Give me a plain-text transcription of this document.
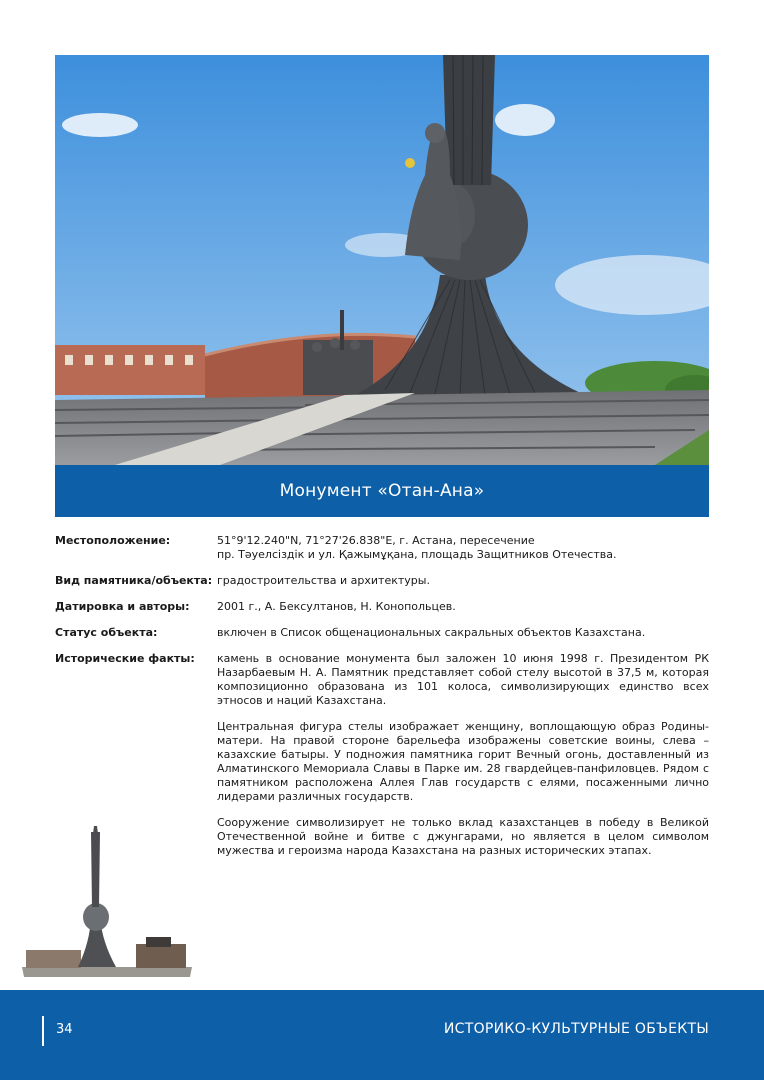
Монумент «Отан-Ана»
Местоположение:	51°9'12.240"N, 71°27'26.838"E, г. Астана, пересечение
пр. Тәуелсіздік и ул. Қажымұқана, площадь Защитников Отечества.
Вид памятника/объекта: градостроительства и архитектуры.
Датировка и авторы:	2001 г., А. Бексултанов, Н. Конопольцев.
Статус объекта:	включен в Список общенациональных сакральных объектов Казахстана.
Исторические факты:	камень в основание монумента был заложен 10 июня 1998 г. Президентом РК Назарбаевым Н. А. Памятник представляет собой стелу высотой в 37,5 м, которая композиционно образована из 101 колоса, символизирующих единство всех этносов и наций Казахстана.

Центральная фигура стелы изображает женщину, воплощающую образ Родины-матери. На правой стороне барельефа изображены советские воины, слева – казахские батыры. У подножия памятника горит Вечный огонь, доставленный из Алматинского Мемориала Славы в Парке им. 28 гвардейцев-панфиловцев. Рядом с памятником расположена Аллея Глав государств с елями, посаженными лично лидерами различных государств.

Сооружение символизирует не только вклад казахстанцев в победу в Великой Отечественной войне и битве с джунгарами, но является в целом символом мужества и героизма народа Казахстана на разных исторических этапах.

34	ИСТОРИКО-КУЛЬТУРНЫЕ ОБЪЕКТЫ
